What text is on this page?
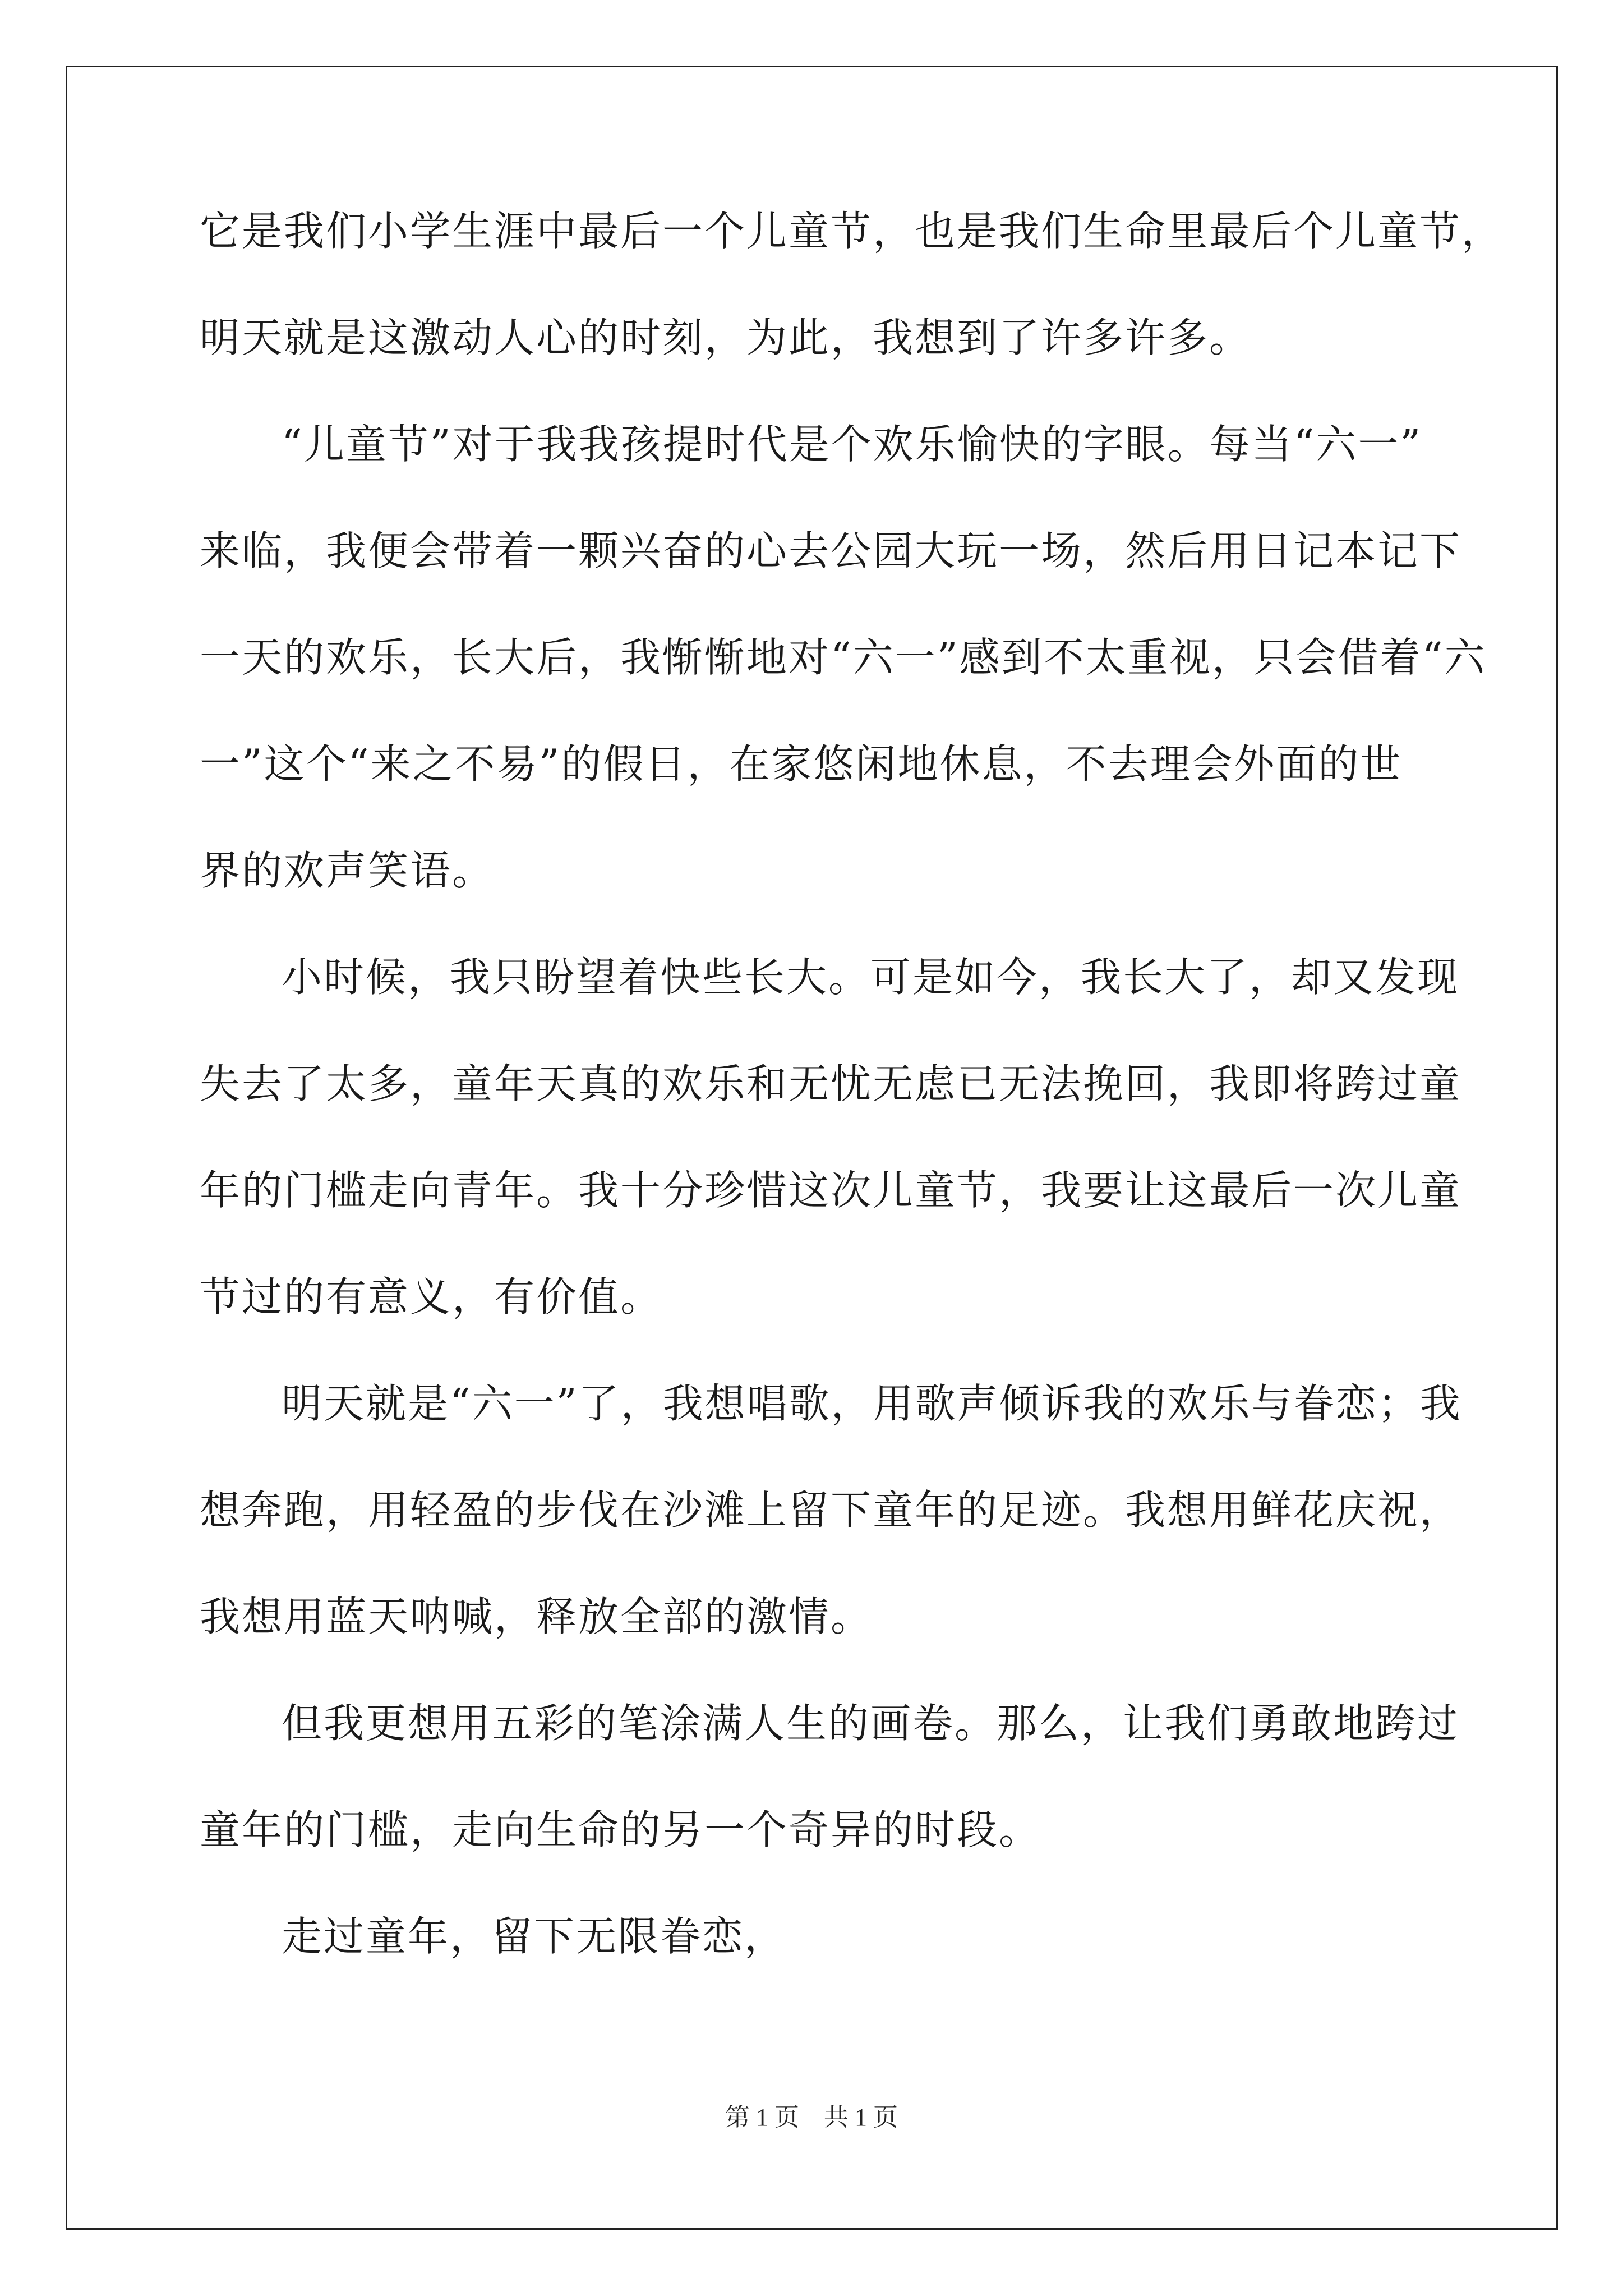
它是我们小学生涯中最后一个儿童节，也是我们生命里最后个儿童节，
明天就是这激动人心的时刻，为此，我想到了许多许多。
“儿童节”对于我我孩提时代是个欢乐愉快的字眼。每当“六一”
来临，我便会带着一颗兴奋的心去公园大玩一场，然后用日记本记下
一天的欢乐，长大后，我惭惭地对“六一”感到不太重视，只会借着“六
一”这个“来之不易”的假日，在家悠闲地休息，不去理会外面的世
界的欢声笑语。
小时候，我只盼望着快些长大。可是如今，我长大了，却又发现
失去了太多，童年天真的欢乐和无忧无虑已无法挽回，我即将跨过童
年的门槛走向青年。我十分珍惜这次儿童节，我要让这最后一次儿童
节过的有意义，有价值。
明天就是“六一”了，我想唱歌，用歌声倾诉我的欢乐与眷恋；我
想奔跑，用轻盈的步伐在沙滩上留下童年的足迹。我想用鲜花庆祝，
我想用蓝天呐喊，释放全部的激情。
但我更想用五彩的笔涂满人生的画卷。那么，让我们勇敢地跨过
童年的门槛，走向生命的另一个奇异的时段。
走过童年，留下无限眷恋，
第 1 页　共 1 页
